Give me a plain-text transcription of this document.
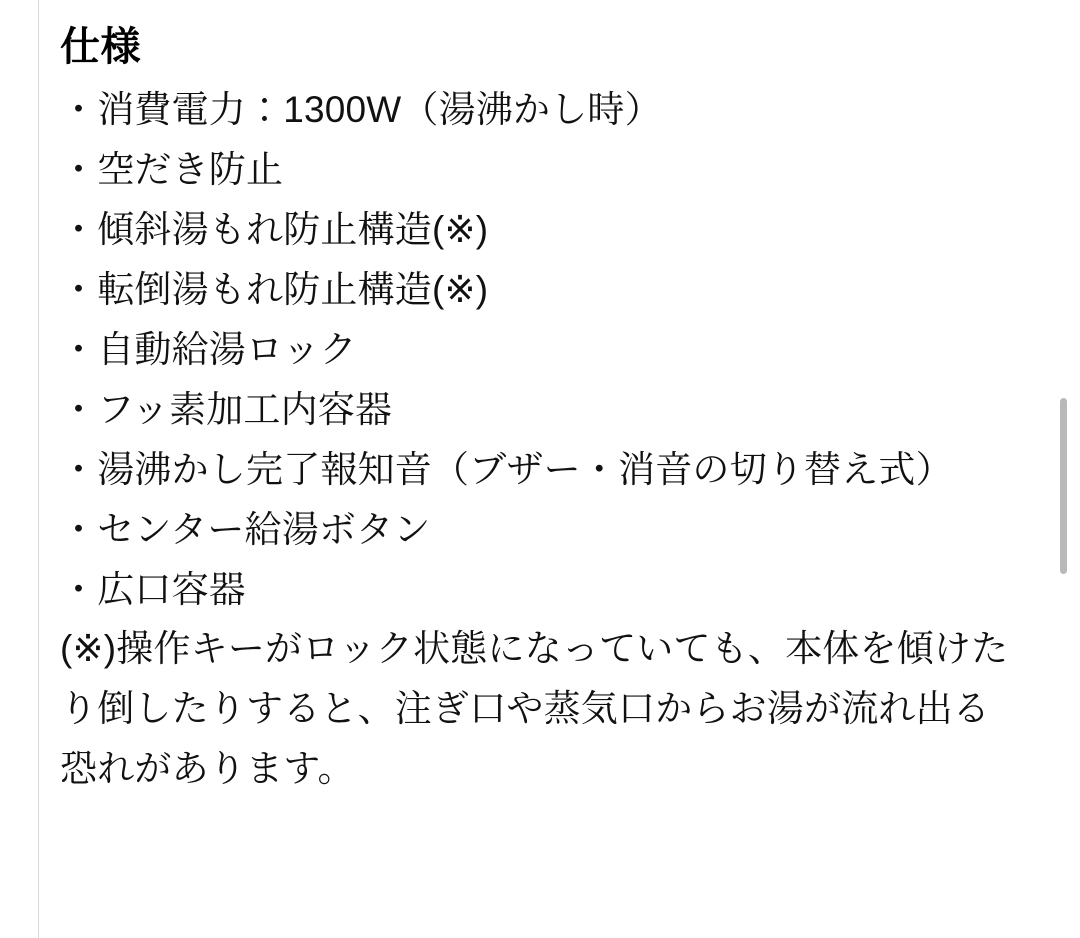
仕様
・消費電力：1300W（湯沸かし時）
・空だき防止
・傾斜湯もれ防止構造(※)
・転倒湯もれ防止構造(※)
・自動給湯ロック
・フッ素加工内容器
・湯沸かし完了報知音（ブザー・消音の切り替え式）
・センター給湯ボタン
・広口容器

(※)操作キーがロック状態になっていても、本体を傾けたり倒したりすると、注ぎ口や蒸気口からお湯が流れ出る恐れがあります。
